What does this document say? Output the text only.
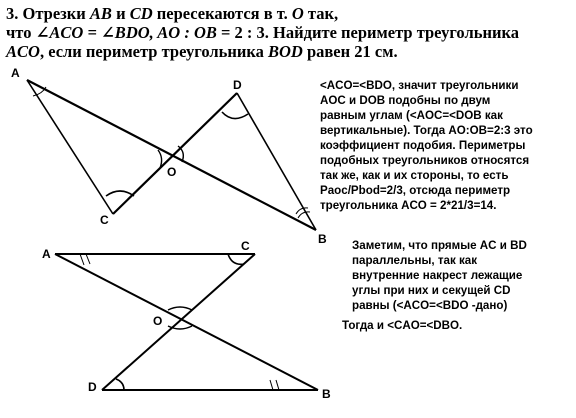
3. Отрезки AB и CD пересекаются в т. O так,
что ∠ACO = ∠BDO, AO : OB = 2 : 3. Найдите периметр треугольника
ACO, если периметр треугольника BOD равен 21 см.
A
B
C
D
O
A
C
O
D	B
<ACO=<BDO, значит треугольники
AOC и DOB подобны по двум
равным углам (<AOC=<DOB как
вертикальные). Тогда AO:OB=2:3 это
коэффициент подобия. Периметры
подобных треугольников относятся
так же, как и их стороны, то есть
Paoc/Pbod=2/3, отсюда периметр
треугольника ACO = 2*21/3=14.
Заметим, что прямые AC и BD
параллельны, так как
внутренние накрест лежащие
углы при них и секущей CD
равны (<ACO=<BDO -дано)
Тогда и <CAO=<DBO.
